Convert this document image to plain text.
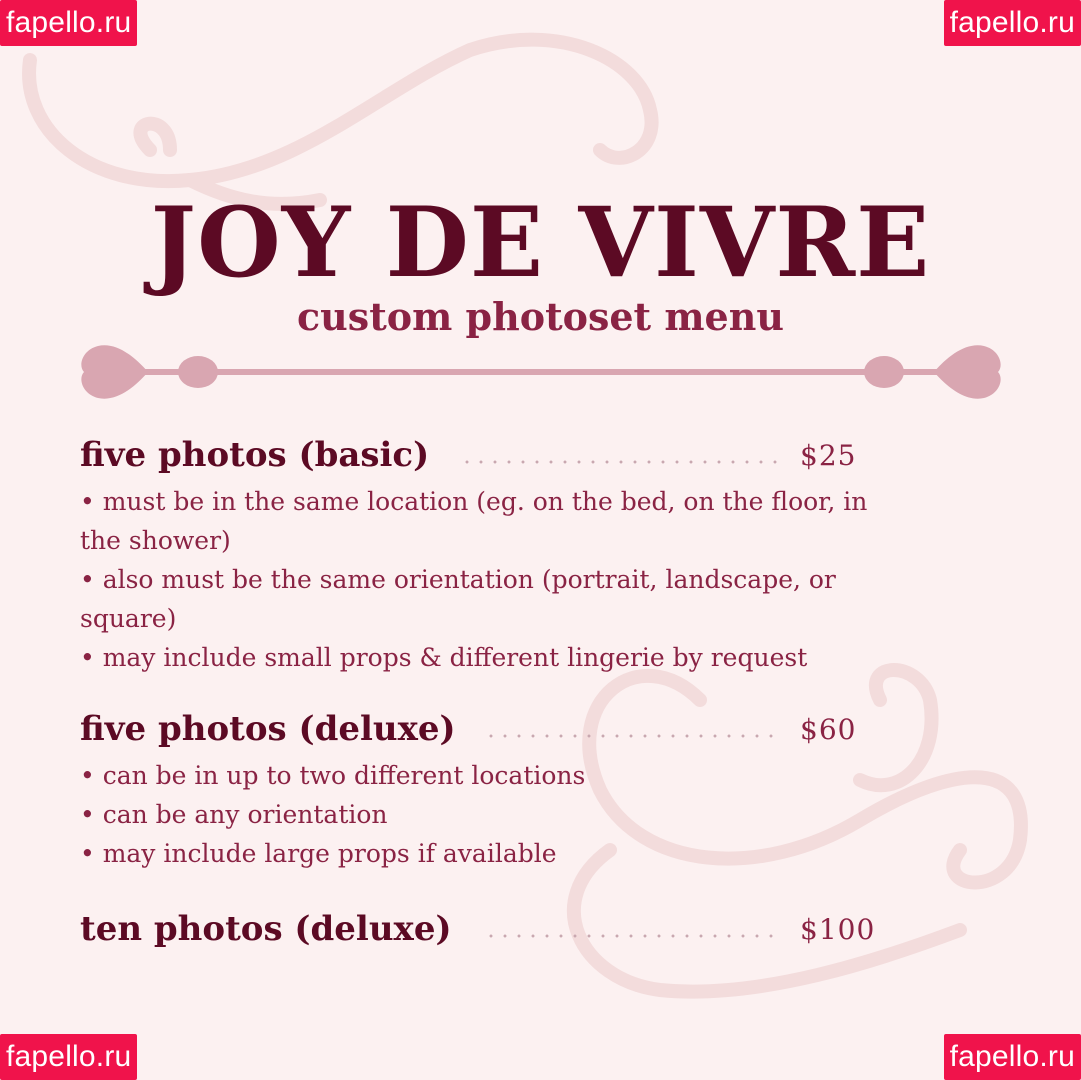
fapello.ru	fapello.ru
fapello.ru	fapello.ru
JOY DE VIVRE
custom photoset menu
five photos (basic)	$25

• must be in the same location (eg. on the bed, on the floor, in the shower)

• also must be the same orientation (portrait, landscape, or square)

• may include small props & different lingerie by request

five photos (deluxe)	$60

• can be in up to two different locations

• can be any orientation

• may include large props if available

ten photos (deluxe)	$100
